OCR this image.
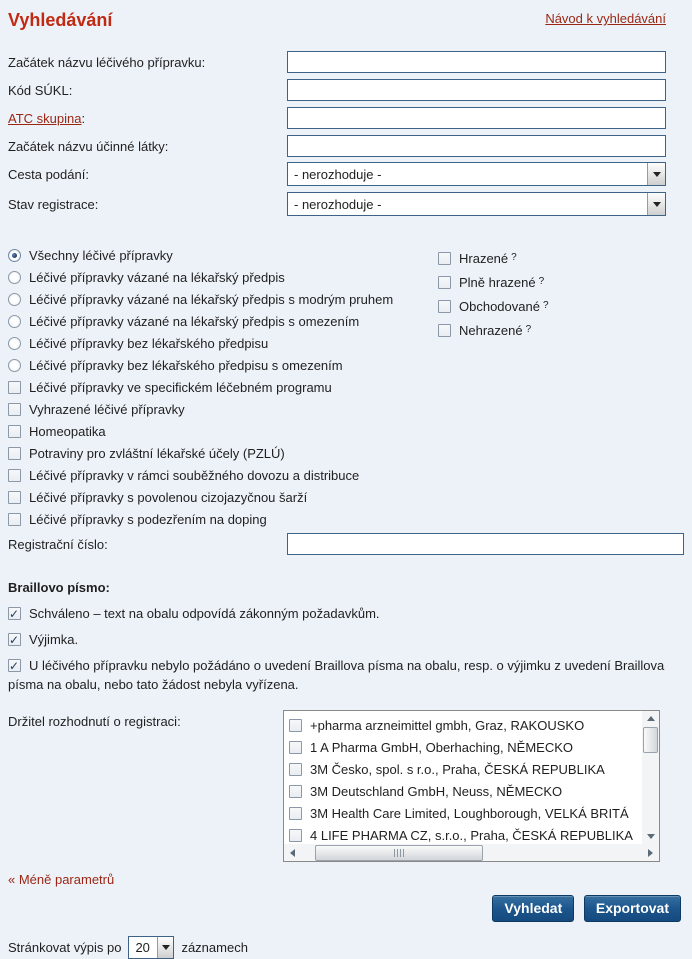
Vyhledávání	Návod k vyhledávání
Začátek názvu léčivého přípravku:
Kód SÚKL:
ATC skupina:
Začátek názvu účinné látky:
Cesta podání:	- nerozhoduje -
Stav registrace:	- nerozhoduje -
Všechny léčivé přípravky
Léčivé přípravky vázané na lékařský předpis
Léčivé přípravky vázané na lékařský předpis s modrým pruhem
Léčivé přípravky vázané na lékařský předpis s omezením
Léčivé přípravky bez lékařského předpisu
Léčivé přípravky bez lékařského předpisu s omezením
Léčivé přípravky ve specifickém léčebném programu
Vyhrazené léčivé přípravky
Homeopatika
Potraviny pro zvláštní lékařské účely (PZLÚ)
Léčivé přípravky v rámci souběžného dovozu a distribuce
Léčivé přípravky s povolenou cizojazyčnou šarží
Léčivé přípravky s podezřením na doping
Hrazené ?
Plně hrazené ?
Obchodované ?
Nehrazené ?
Registrační číslo:
Braillovo písmo:
✓Schváleno – text na obalu odpovídá zákonným požadavkům.
✓Výjimka.
✓U léčivého přípravku nebylo požádáno o uvedení Braillova písma na obalu, resp. o výjimku z uvedení Braillova písma na obalu, nebo tato žádost nebyla vyřízena.
Držitel rozhodnutí o registraci:	+pharma arzneimittel gmbh, Graz, RAKOUSKO
1 A Pharma GmbH, Oberhaching, NĚMECKO
3M Česko, spol. s r.o., Praha, ČESKÁ REPUBLIKA
3M Deutschland GmbH, Neuss, NĚMECKO
3M Health Care Limited, Loughborough, VELKÁ BRITÁ
4 LIFE PHARMA CZ, s.r.o., Praha, ČESKÁ REPUBLIKA
« Méně parametrů
Vyhledat Exportovat
Stránkovat výpis po	20	záznamech
